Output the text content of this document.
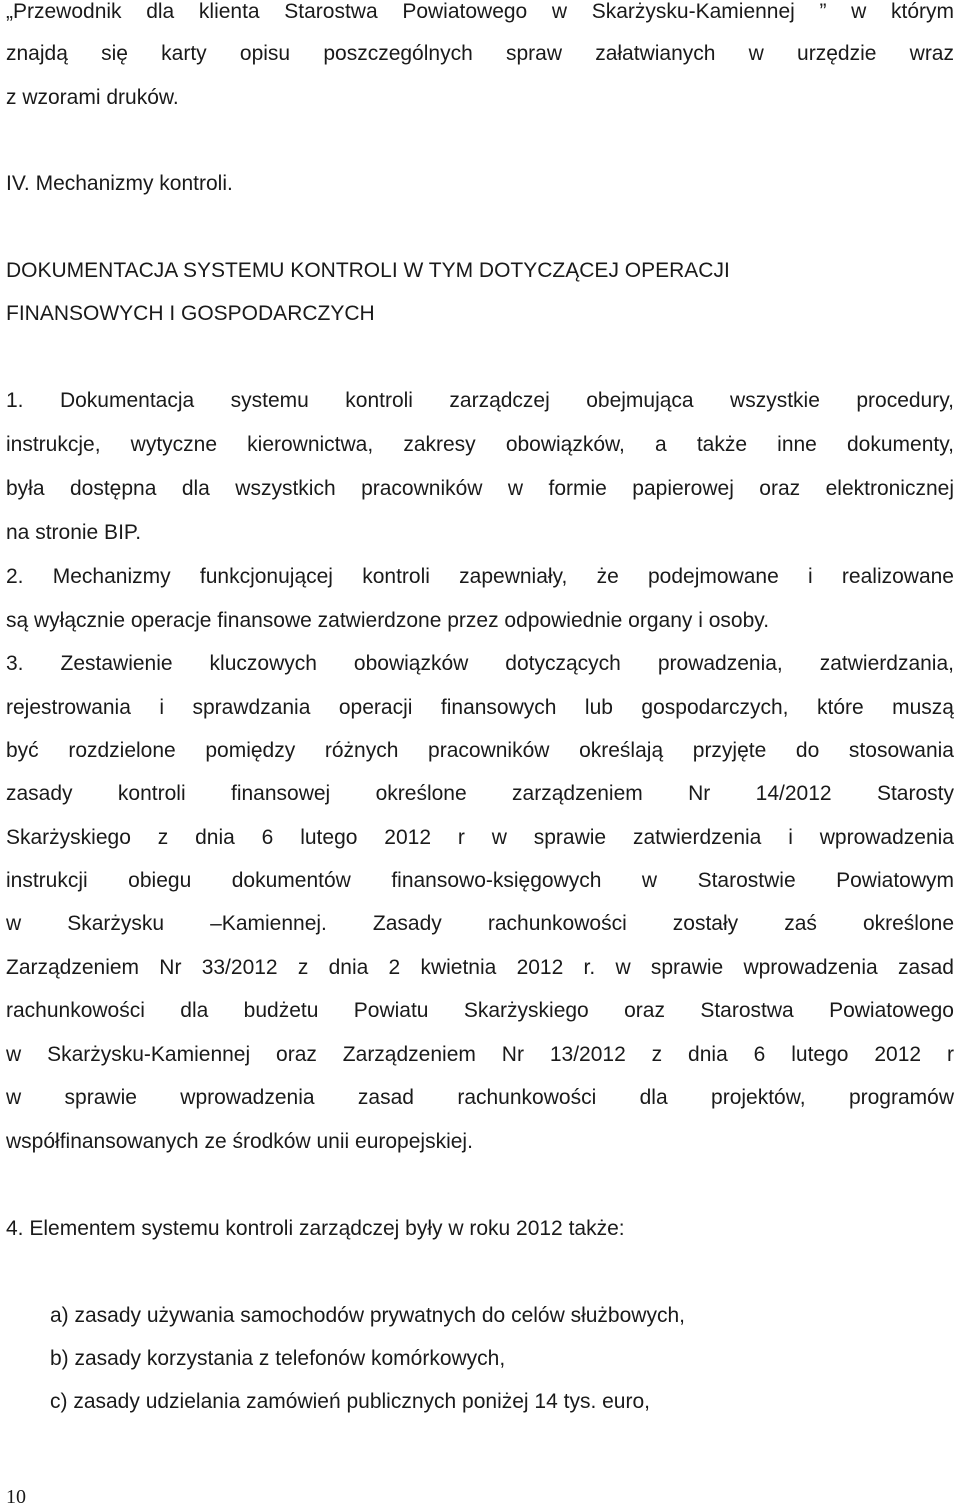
„Przewodnik dla klienta Starostwa Powiatowego w Skarżysku-Kamiennej ” w którym
znajdą się karty opisu poszczególnych spraw załatwianych w urzędzie wraz
z wzorami druków.
IV. Mechanizmy kontroli.
DOKUMENTACJA SYSTEMU KONTROLI W TYM DOTYCZĄCEJ OPERACJI
FINANSOWYCH I GOSPODARCZYCH
1. Dokumentacja systemu kontroli zarządczej obejmująca wszystkie procedury,
instrukcje, wytyczne kierownictwa, zakresy obowiązków, a także inne dokumenty,
była dostępna dla wszystkich pracowników w formie papierowej oraz elektronicznej
na stronie BIP.
2. Mechanizmy funkcjonującej kontroli zapewniały, że podejmowane i realizowane
są wyłącznie operacje finansowe zatwierdzone przez odpowiednie organy i osoby.
3. Zestawienie kluczowych obowiązków dotyczących prowadzenia, zatwierdzania,
rejestrowania i sprawdzania operacji finansowych lub gospodarczych, które muszą
być rozdzielone pomiędzy różnych pracowników określają przyjęte do stosowania
zasady kontroli finansowej określone zarządzeniem Nr 14/2012 Starosty
Skarżyskiego z dnia 6 lutego 2012 r w sprawie zatwierdzenia i wprowadzenia
instrukcji obiegu dokumentów finansowo-księgowych w Starostwie Powiatowym
w Skarżysku –Kamiennej. Zasady rachunkowości zostały zaś określone
Zarządzeniem Nr 33/2012 z dnia 2 kwietnia 2012 r. w sprawie wprowadzenia zasad
rachunkowości dla budżetu Powiatu Skarżyskiego oraz Starostwa Powiatowego
w Skarżysku-Kamiennej oraz Zarządzeniem Nr 13/2012 z dnia 6 lutego 2012 r
w sprawie wprowadzenia zasad rachunkowości dla projektów, programów
współfinansowanych ze środków unii europejskiej.
4. Elementem systemu kontroli zarządczej były w roku 2012 także:
a) zasady używania samochodów prywatnych do celów służbowych,
b) zasady korzystania z telefonów komórkowych,
c) zasady udzielania zamówień publicznych poniżej 14 tys. euro,
10
